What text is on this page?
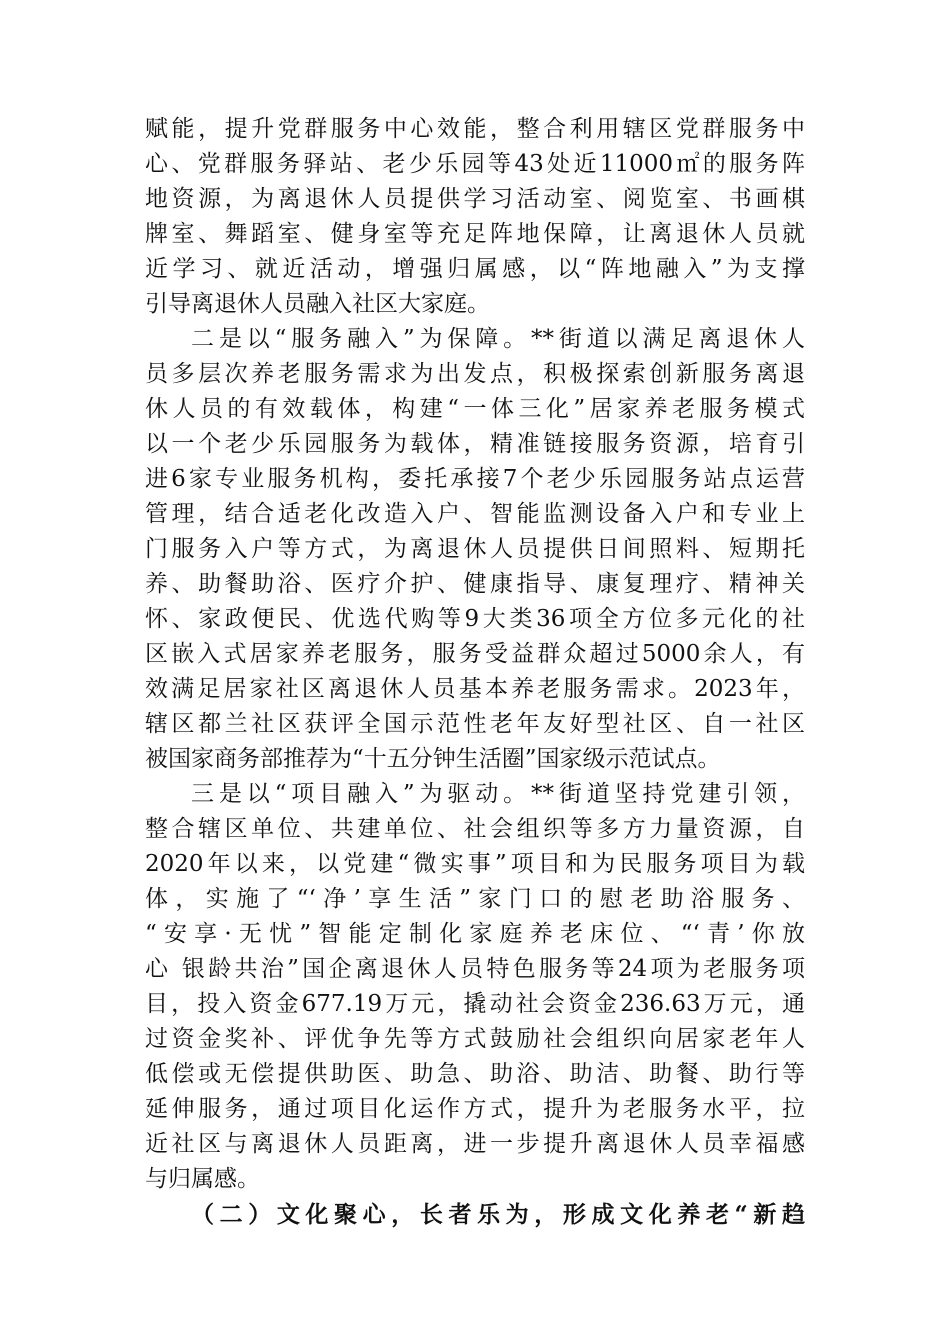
赋能，提升党群服务中心效能，整合利用辖区党群服务中
心、党群服务驿站、老少乐园等43处近11000㎡的服务阵
地资源，为离退休人员提供学习活动室、阅览室、书画棋
牌室、舞蹈室、健身室等充足阵地保障，让离退休人员就
近学习、就近活动，增强归属感，以“阵地融入”为支撑
引导离退休人员融入社区大家庭。
二是以“服务融入”为保障。**街道以满足离退休人
员多层次养老服务需求为出发点，积极探索创新服务离退
休人员的有效载体，构建“一体三化”居家养老服务模式
以一个老少乐园服务为载体，精准链接服务资源，培育引
进6家专业服务机构，委托承接7个老少乐园服务站点运营
管理，结合适老化改造入户、智能监测设备入户和专业上
门服务入户等方式，为离退休人员提供日间照料、短期托
养、助餐助浴、医疗介护、健康指导、康复理疗、精神关
怀、家政便民、优选代购等9大类36项全方位多元化的社
区嵌入式居家养老服务，服务受益群众超过5000余人，有
效满足居家社区离退休人员基本养老服务需求。2023年，
辖区都兰社区获评全国示范性老年友好型社区、自一社区
被国家商务部推荐为“十五分钟生活圈”国家级示范试点。
三是以“项目融入”为驱动。**街道坚持党建引领，
整合辖区单位、共建单位、社会组织等多方力量资源，自
2020年以来，以党建“微实事”项目和为民服务项目为载
体，实施了“‘净’享生活”家门口的慰老助浴服务、
“安享·无忧”智能定制化家庭养老床位、“‘青’你放
心 银龄共治”国企离退休人员特色服务等24项为老服务项
目，投入资金677.19万元，撬动社会资金236.63万元，通
过资金奖补、评优争先等方式鼓励社会组织向居家老年人
低偿或无偿提供助医、助急、助浴、助洁、助餐、助行等
延伸服务，通过项目化运作方式，提升为老服务水平，拉
近社区与离退休人员距离，进一步提升离退休人员幸福感
与归属感。
（二）文化聚心，长者乐为，形成文化养老“新趋
